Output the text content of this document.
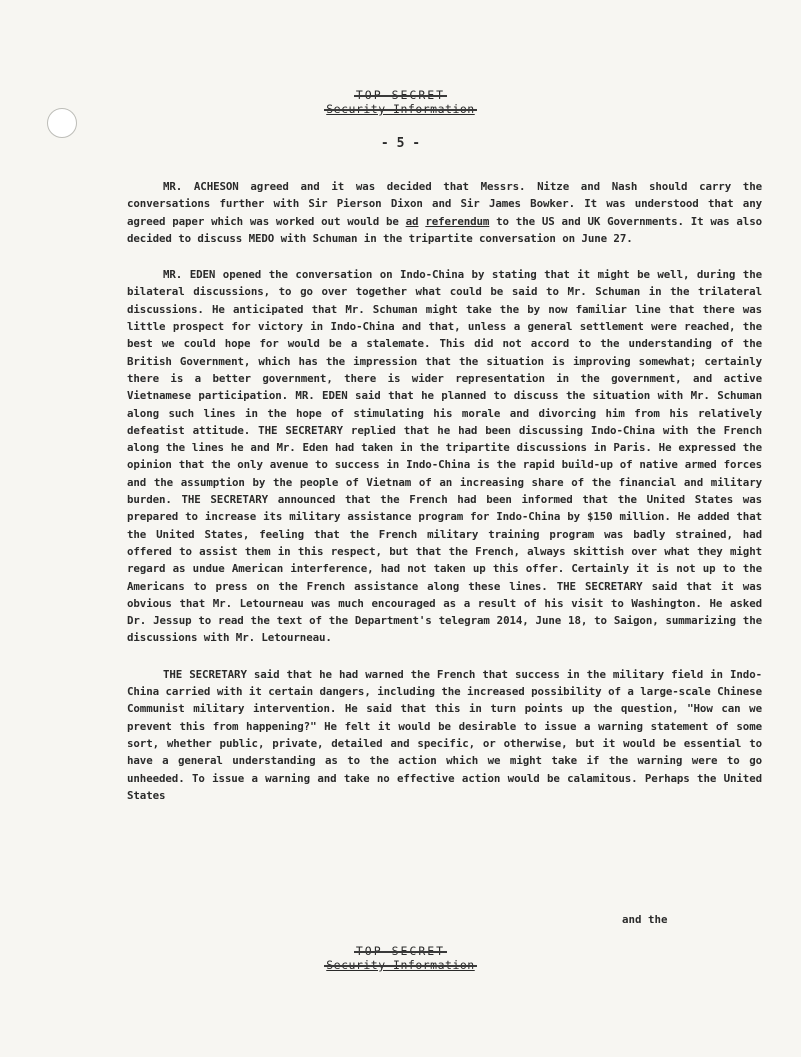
TOP SECRET
Security Information
- 5 -

MR. ACHESON agreed and it was decided that Messrs. Nitze and Nash should carry the conversations further with Sir Pierson Dixon and Sir James Bowker. It was understood that any agreed paper which was worked out would be ad referendum to the US and UK Governments. It was also decided to discuss MEDO with Schuman in the tripartite conversation on June 27.

MR. EDEN opened the conversation on Indo-China by stating that it might be well, during the bilateral discussions, to go over together what could be said to Mr. Schuman in the trilateral discussions. He anticipated that Mr. Schuman might take the by now familiar line that there was little prospect for victory in Indo-China and that, unless a general settlement were reached, the best we could hope for would be a stalemate. This did not accord to the understanding of the British Government, which has the impression that the situation is improving somewhat; certainly there is a better government, there is wider representation in the government, and active Vietnamese participation. MR. EDEN said that he planned to discuss the situation with Mr. Schuman along such lines in the hope of stimulating his morale and divorcing him from his relatively defeatist attitude. THE SECRETARY replied that he had been discussing Indo-China with the French along the lines he and Mr. Eden had taken in the tripartite discussions in Paris. He expressed the opinion that the only avenue to success in Indo-China is the rapid build-up of native armed forces and the assumption by the people of Vietnam of an increasing share of the financial and military burden. THE SECRETARY announced that the French had been informed that the United States was prepared to increase its military assistance program for Indo-China by $150 million. He added that the United States, feeling that the French military training program was badly strained, had offered to assist them in this respect, but that the French, always skittish over what they might regard as undue American interference, had not taken up this offer. Certainly it is not up to the Americans to press on the French assistance along these lines. THE SECRETARY said that it was obvious that Mr. Letourneau was much encouraged as a result of his visit to Washington. He asked Dr. Jessup to read the text of the Department's telegram 2014, June 18, to Saigon, summarizing the discussions with Mr. Letourneau.

THE SECRETARY said that he had warned the French that success in the military field in Indo-China carried with it certain dangers, including the increased possibility of a large-scale Chinese Communist military intervention. He said that this in turn points up the question, "How can we prevent this from happening?" He felt it would be desirable to issue a warning statement of some sort, whether public, private, detailed and specific, or otherwise, but it would be essential to have a general understanding as to the action which we might take if the warning were to go unheeded. To issue a warning and take no effective action would be calamitous. Perhaps the United States

and the
TOP SECRET
Security Information
